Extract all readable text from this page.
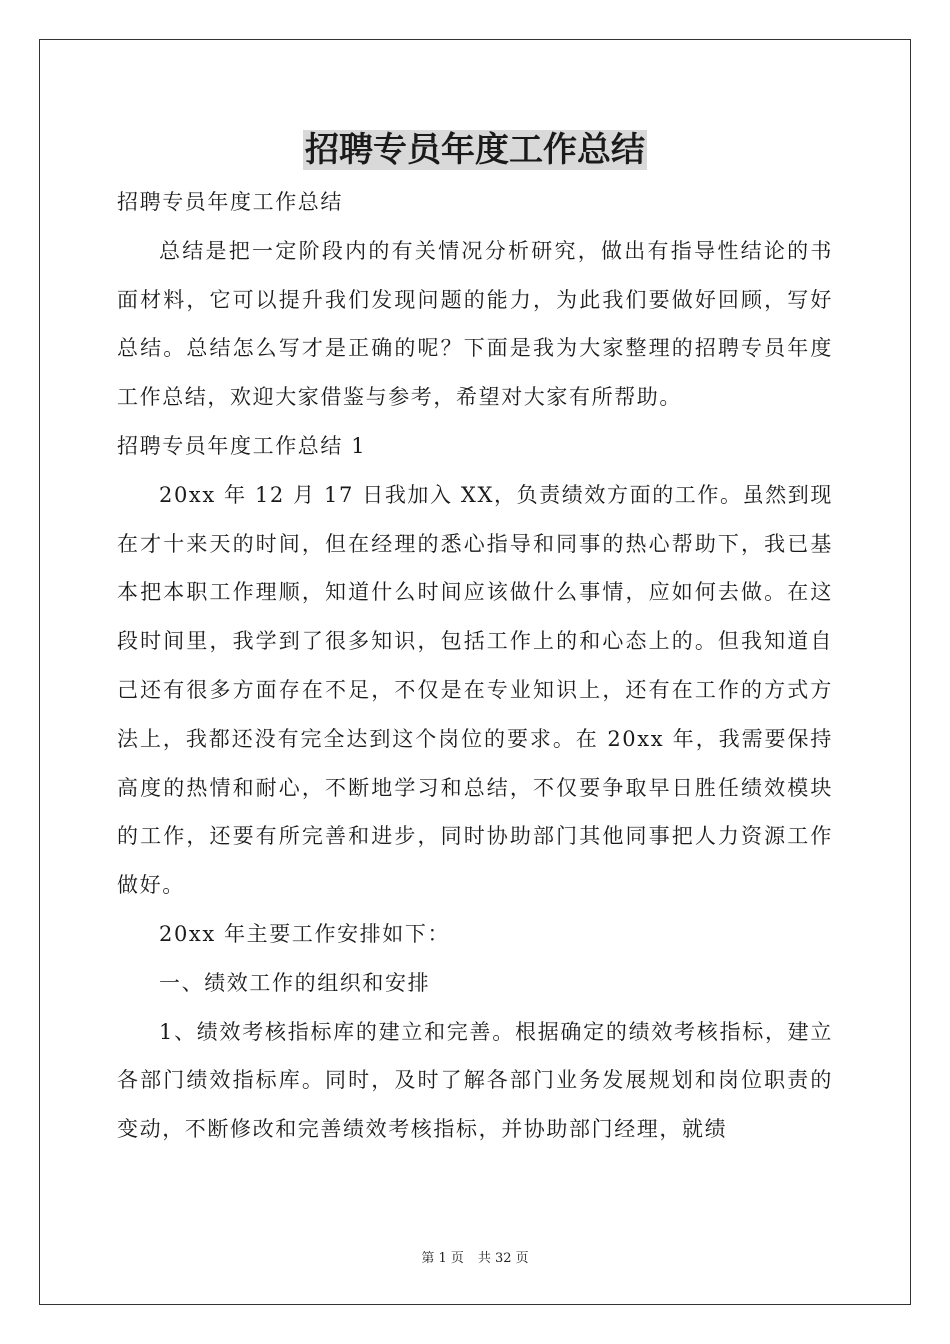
招聘专员年度工作总结

招聘专员年度工作总结

总结是把一定阶段内的有关情况分析研究，做出有指导性结论的书面材料，它可以提升我们发现问题的能力，为此我们要做好回顾，写好总结。总结怎么写才是正确的呢？下面是我为大家整理的招聘专员年度工作总结，欢迎大家借鉴与参考，希望对大家有所帮助。

招聘专员年度工作总结 1

20xx 年 12 月 17 日我加入 XX，负责绩效方面的工作。虽然到现在才十来天的时间，但在经理的悉心指导和同事的热心帮助下，我已基本把本职工作理顺，知道什么时间应该做什么事情，应如何去做。在这段时间里，我学到了很多知识，包括工作上的和心态上的。但我知道自己还有很多方面存在不足，不仅是在专业知识上，还有在工作的方式方法上，我都还没有完全达到这个岗位的要求。在 20xx 年，我需要保持高度的热情和耐心，不断地学习和总结，不仅要争取早日胜任绩效模块的工作，还要有所完善和进步，同时协助部门其他同事把人力资源工作做好。

20xx 年主要工作安排如下：

一、绩效工作的组织和安排

1、绩效考核指标库的建立和完善。根据确定的绩效考核指标，建立各部门绩效指标库。同时，及时了解各部门业务发展规划和岗位职责的变动，不断修改和完善绩效考核指标，并协助部门经理，就绩

第 1 页 共 32 页
